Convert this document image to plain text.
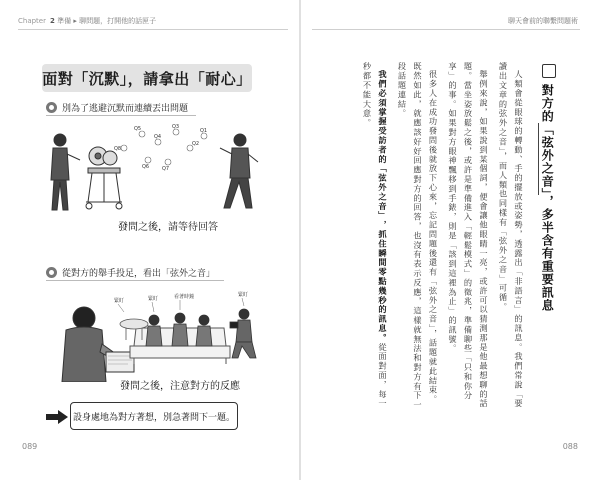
Chapter 2 準備 ▸ 聊問題，打開他的話匣子	聊天會前的聯繫問題術
面對「沉默」，請拿出「耐心」
別為了逃避沉默而連續丟出問題
Q8
Q5
Q4
Q3
Q2
Q1
Q6	Q7
發問之後，請等待回答
從對方的舉手投足，看出「弦外之音」
緊盯	緊盯	看著時鐘	緊盯
發問之後，注意對方的反應
設身處地為對方著想，別急著問下一題。
089
對方的「弦外之音」，多半含有重要訊息

人類會從眼球的轉動、手的擺放或姿勢，透露出「非語言」的訊息。我們常說「要讀出文章的弦外之音」，而人類也同樣有「弦外之音」可循。

舉例來說，如果說到某個詞，便會讓他眼睛一亮，或許可以猜測那是他最想聊的話題。當坐姿放鬆之後，或許是準備進入「輕鬆模式」的徵兆，準備聊些「只和你分享」的事。如果對方眼神飄移到手錶，則是「該到這裡為止」的訊號。

很多人在成功發問後就放下心來，忘記問題後還有「弦外之音」，話題就此結束。既然如此，就應該好好回應對方的回答，也沒有表示反應，這樣就無法和對方有下一段話題連結。

我們必須掌握受訪者的「弦外之音」，抓住瞬間零點幾秒的訊息。從面對面，每一秒都不能大意。

088
